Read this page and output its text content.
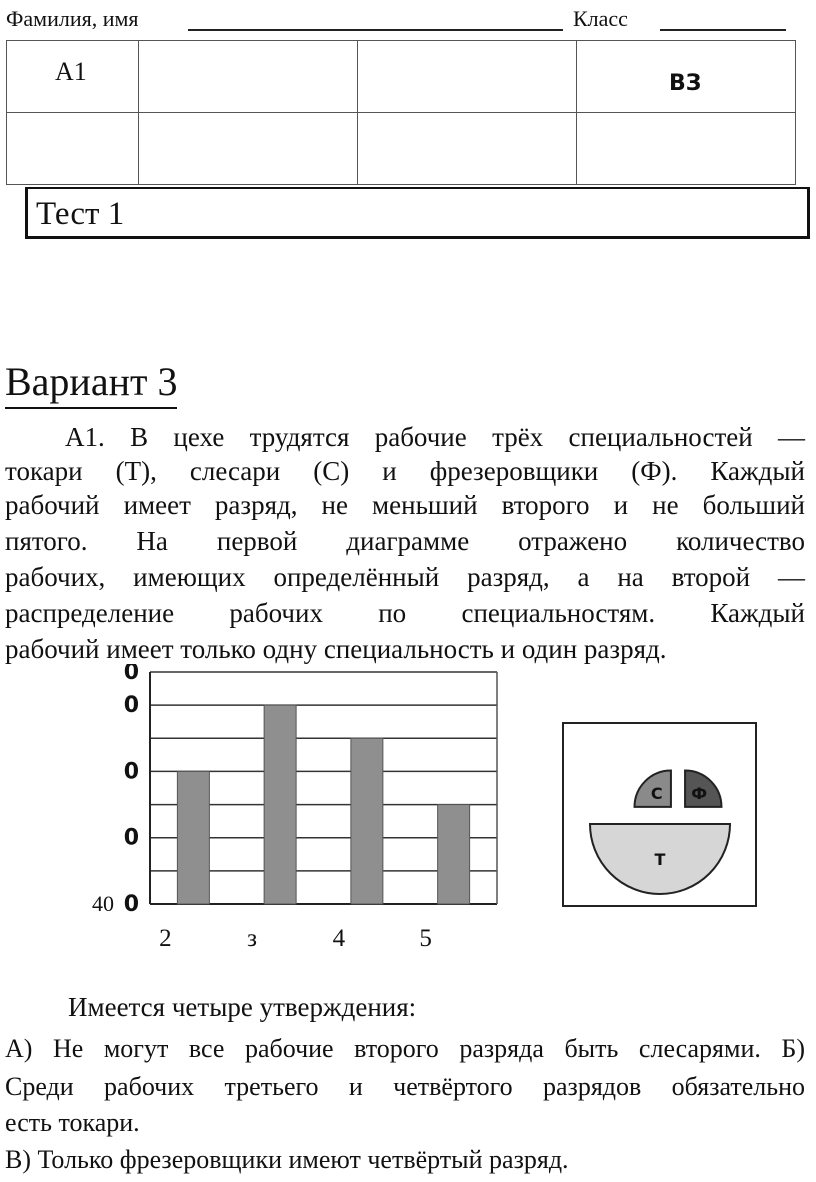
Фамилия, имя	Класс
А1			ВЗ

Тест 1
Вариант 3
А1. В цехе трудятся рабочие трёх специальностей —
токари (Т), слесари (С) и фрезеровщики (Ф). Каждый
рабочий имеет разряд, не меньший второго и не больший
пятого. На первой диаграмме отражено количество
рабочих, имеющих определённый разряд, а на второй —
распределение рабочих по специальностям. Каждый
рабочий имеет только одну специальность и один разряд.
0
0
0
0
0
40
2	з	4	5
Т
С Ф
Имеется четыре утверждения:
А) Не могут все рабочие второго разряда быть слесарями. Б)
Среди рабочих третьего и четвёртого разрядов обязательно
есть токари.
В) Только фрезеровщики имеют четвёртый разряд.
